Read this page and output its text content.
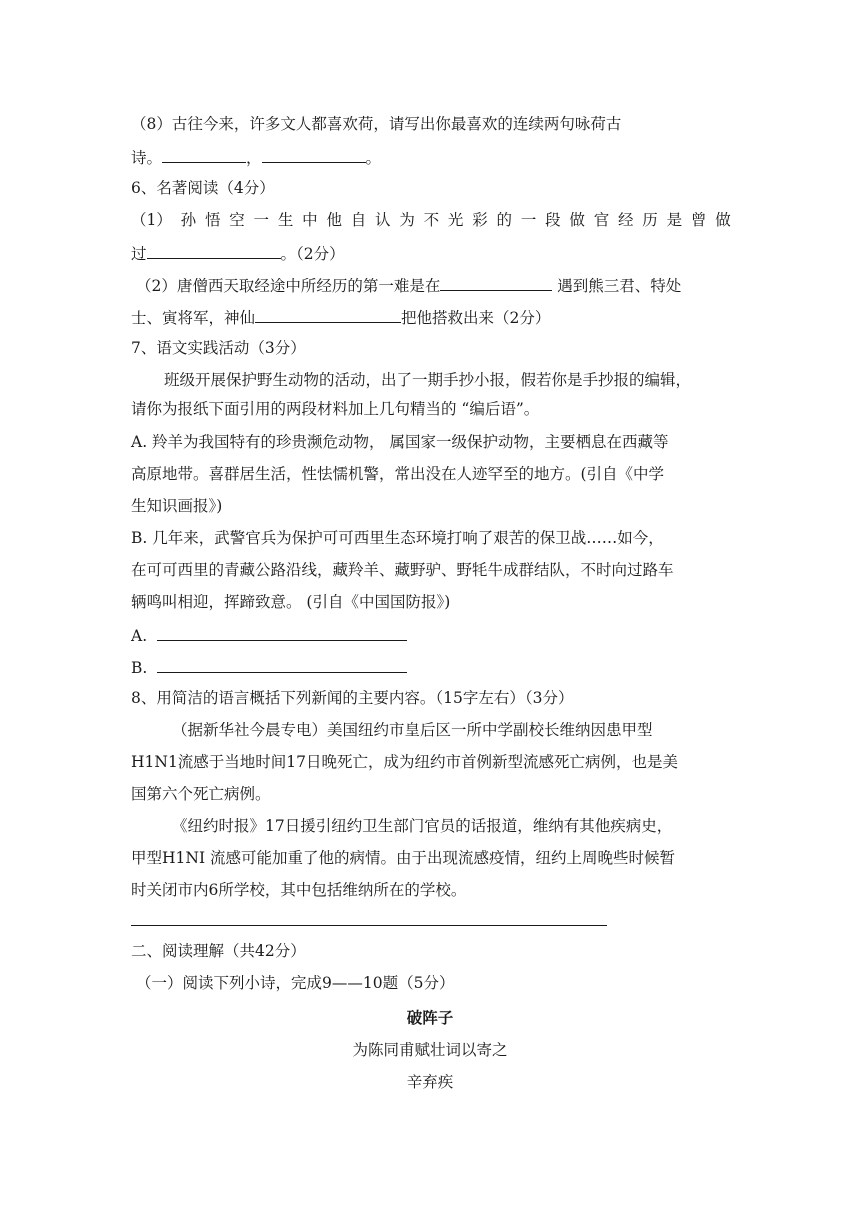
（8）古往今来，许多文人都喜欢荷，请写出你最喜欢的连续两句咏荷古
诗。	，	。
6、名著阅读（4分）
（1） 孙 悟 空 一 生 中 他 自 认 为 不 光 彩 的 一 段 做 官 经 历 是 曾 做
过	。（2分）
（2）唐僧西天取经途中所经历的第一难是在	遇到熊三君、特处
士、寅将军，神仙	把他搭救出来（2分）
7、语文实践活动（3分）
班级开展保护野生动物的活动，出了一期手抄小报，假若你是手抄报的编辑，
请你为报纸下面引用的两段材料加上几句精当的 “编后语”。
A. 羚羊为我国特有的珍贵濒危动物， 属国家一级保护动物，主要栖息在西藏等
高原地带。喜群居生活，性怯懦机警，常出没在人迹罕至的地方。(引自《中学
生知识画报》)
B. 几年来，武警官兵为保护可可西里生态环境打响了艰苦的保卫战……如今，
在可可西里的青藏公路沿线，藏羚羊、藏野驴、野牦牛成群结队，不时向过路车
辆鸣叫相迎，挥蹄致意。 (引自《中国国防报》)
A.
B.
8、用简洁的语言概括下列新闻的主要内容。（15字左右）（3分）
（据新华社今晨专电）美国纽约市皇后区一所中学副校长维纳因患甲型
H1N1流感于当地时间17日晚死亡，成为纽约市首例新型流感死亡病例，也是美
国第六个死亡病例。
《纽约时报》17日援引纽约卫生部门官员的话报道，维纳有其他疾病史，
甲型H1NI 流感可能加重了他的病情。由于出现流感疫情，纽约上周晚些时候暂
时关闭市内6所学校，其中包括维纳所在的学校。
二、阅读理解（共42分）
（一）阅读下列小诗，完成9——10题（5分）
破阵子
为陈同甫赋壮词以寄之
辛弃疾
